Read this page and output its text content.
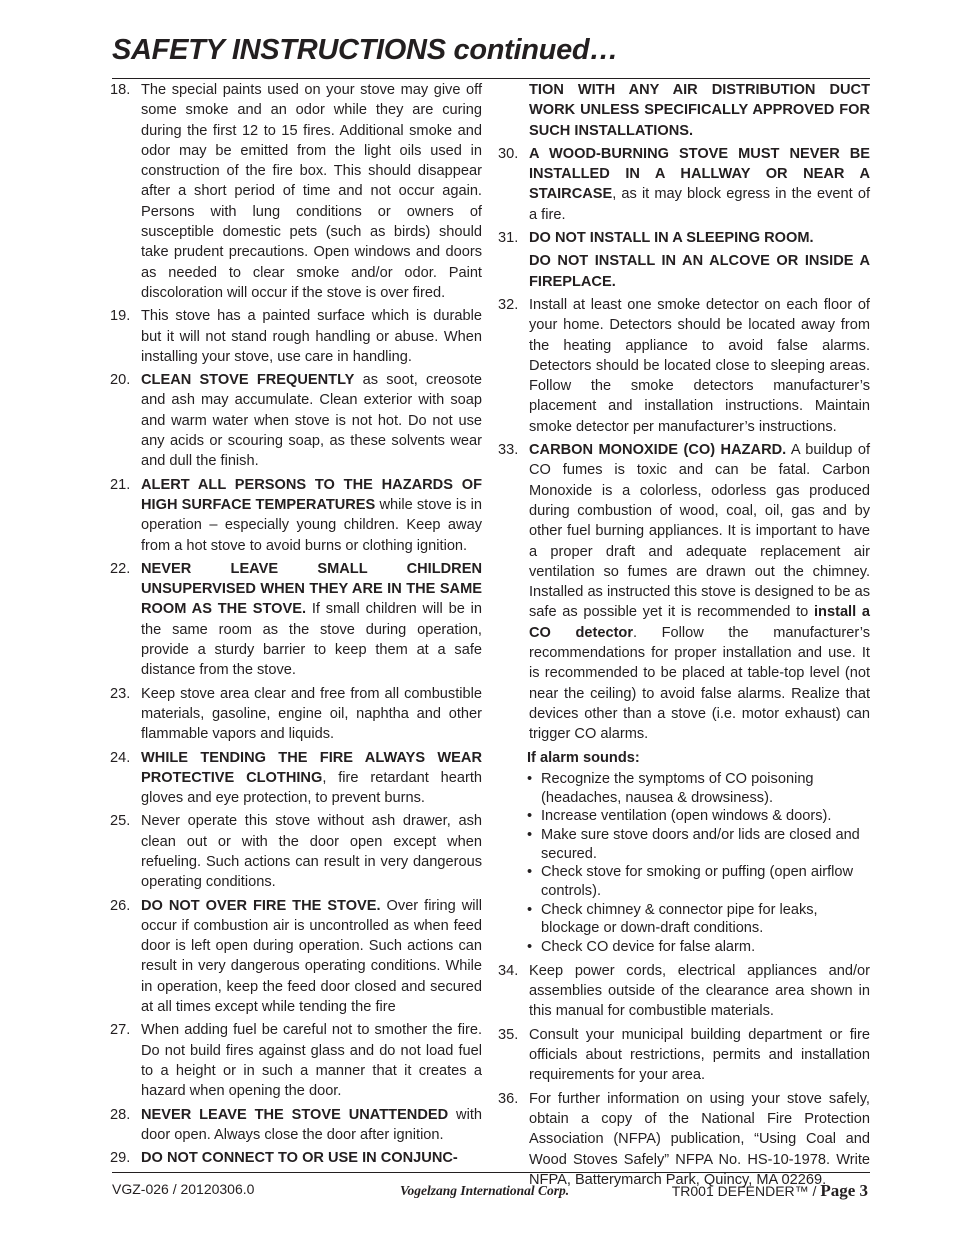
SAFETY INSTRUCTIONS continued…
18. The special paints used on your stove may give off some smoke and an odor while they are curing during the first 12 to 15 fires. Additional smoke and odor may be emitted from the light oils used in construction of the fire box. This should disappear after a short period of time and not occur again. Persons with lung conditions or owners of susceptible domestic pets (such as birds) should take prudent precautions. Open windows and doors as needed to clear smoke and/or odor. Paint discoloration will occur if the stove is over fired.
19. This stove has a painted surface which is durable but it will not stand rough handling or abuse. When installing your stove, use care in handling.
20. CLEAN STOVE FREQUENTLY as soot, creosote and ash may accumulate. Clean exterior with soap and warm water when stove is not hot. Do not use any acids or scouring soap, as these solvents wear and dull the finish.
21. ALERT ALL PERSONS TO THE HAZARDS OF HIGH SURFACE TEMPERATURES while stove is in operation – especially young children. Keep away from a hot stove to avoid burns or clothing ignition.
22. NEVER LEAVE SMALL CHILDREN UNSUPERVISED WHEN THEY ARE IN THE SAME ROOM AS THE STOVE. If small children will be in the same room as the stove during operation, provide a sturdy barrier to keep them at a safe distance from the stove.
23. Keep stove area clear and free from all combustible materials, gasoline, engine oil, naphtha and other flammable vapors and liquids.
24. WHILE TENDING THE FIRE ALWAYS WEAR PROTECTIVE CLOTHING, fire retardant hearth gloves and eye protection, to prevent burns.
25. Never operate this stove without ash drawer, ash clean out or with the door open except when refueling. Such actions can result in very dangerous operating conditions.
26. DO NOT OVER FIRE THE STOVE. Over firing will occur if combustion air is uncontrolled as when feed door is left open during operation. Such actions can result in very dangerous operating conditions. While in operation, keep the feed door closed and secured at all times except while tending the fire
27. When adding fuel be careful not to smother the fire. Do not build fires against glass and do not load fuel to a height or in such a manner that it creates a hazard when opening the door.
28. NEVER LEAVE THE STOVE UNATTENDED with door open. Always close the door after ignition.
29. DO NOT CONNECT TO OR USE IN CONJUNC-
TION WITH ANY AIR DISTRIBUTION DUCT WORK UNLESS SPECIFICALLY APPROVED FOR SUCH INSTALLATIONS.
30. A WOOD-BURNING STOVE MUST NEVER BE INSTALLED IN A HALLWAY OR NEAR A STAIRCASE, as it may block egress in the event of a fire.
31. DO NOT INSTALL IN A SLEEPING ROOM.
DO NOT INSTALL IN AN ALCOVE OR INSIDE A FIREPLACE.
32. Install at least one smoke detector on each floor of your home. Detectors should be located away from the heating appliance to avoid false alarms. Detectors should be located close to sleeping areas. Follow the smoke detectors manufacturer’s placement and installation instructions. Maintain smoke detector per manufacturer’s instructions.
33. CARBON MONOXIDE (CO) HAZARD. A buildup of CO fumes is toxic and can be fatal. Carbon Monoxide is a colorless, odorless gas produced during combustion of wood, coal, oil, gas and by other fuel burning appliances. It is important to have a proper draft and adequate replacement air ventilation so fumes are drawn out the chimney. Installed as instructed this stove is designed to be as safe as possible yet it is recommended to install a CO detector. Follow the manufacturer’s recommendations for proper installation and use. It is recommended to be placed at table-top level (not near the ceiling) to avoid false alarms. Realize that devices other than a stove (i.e. motor exhaust) can trigger CO alarms.
If alarm sounds:
• Recognize the symptoms of CO poisoning (headaches, nausea & drowsiness).
• Increase ventilation (open windows & doors).
• Make sure stove doors and/or lids are closed and secured.
• Check stove for smoking or puffing (open airflow controls).
• Check chimney & connector pipe for leaks, blockage or down-draft conditions.
• Check CO device for false alarm.
34. Keep power cords, electrical appliances and/or assemblies outside of the clearance area shown in this manual for combustible materials.
35. Consult your municipal building department or fire officials about restrictions, permits and installation requirements for your area.
36. For further information on using your stove safely, obtain a copy of the National Fire Protection Association (NFPA) publication, “Using Coal and Wood Stoves Safely” NFPA No. HS-10-1978. Write NFPA, Batterymarch Park, Quincy, MA 02269.
VGZ-026 / 20120306.0	Vogelzang International Corp.	TR001 DEFENDER™ / Page 3
